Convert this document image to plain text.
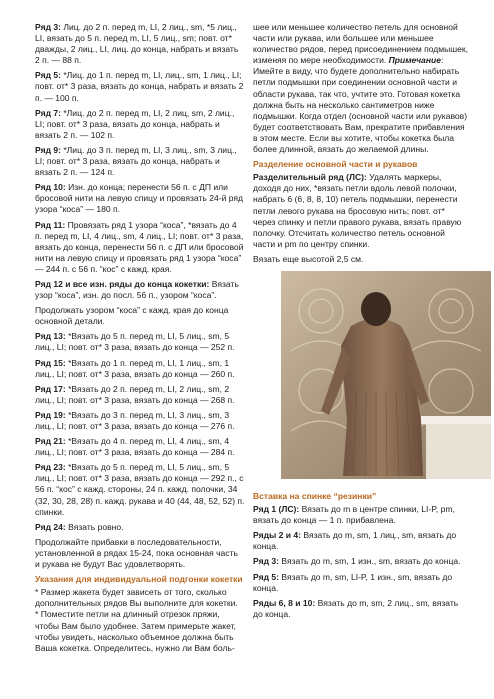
Ряд 3: Лиц. до 2 п. перед m, LI, 2 лиц., sm, *5 лиц., LI, вязать до 5 п. перед m, LI, 5 лиц., sm; повт. от* дважды, 2 лиц., LI, лиц. до конца, набрать и вязать 2 п. — 88 п.

Ряд 5: *Лиц. до 1 п. перед m, LI, лиц., sm, 1 лиц., LI; повт. от* 3 раза, вязать до конца, набрать и вязать 2 п. — 100 п.

Ряд 7: *Лиц. до 2 п. перед m, LI, 2 лиц, sm, 2 лиц., LI; повт. от* 3 раза, вязать до конца, набрать и вязать 2 п. — 102 п.

Ряд 9: *Лиц. до 3 п. перед m, LI, 3 лиц., sm, 3 лиц., LI; повт. от* 3 раза, вязать до конца, набрать и вязать 2 п. — 124 п.

Ряд 10: Изн. до конца; перенести 56 п. с ДП или бросовой нити на левую спицу и провязать 24-й ряд узора “коса” — 180 п.

Ряд 11: Провязать ряд 1 узора “коса”, *вязать до 4 п. перед m, LI, 4 лиц., sm, 4 лиц., LI; повт. от* 3 раза, вязать до конца, перенести 56 п. с ДП или бросовой нити на левую спицу и провязать ряд 1 узора “коса” — 244 п. с 56 п. “кос” с кажд. края.

Ряд 12 и все изн. ряды до конца кокетки: Вязать узор “коса”, изн. до посл. 56 п., узором “коса”.

Продолжать узором “коса” с кажд. края до конца основной детали.

Ряд 13: *Вязать до 5 п. перед m, LI, 5 лиц., sm, 5 лиц., LI; повт. от* 3 раза, вязать до конца — 252 п.

Ряд 15: *Вязать до 1 п. перед m, LI, 1 лиц., sm, 1 лиц., LI; повт. от* 3 раза, вязать до конца — 260 п.

Ряд 17: *Вязать до 2 п. перед m, LI, 2 лиц., sm, 2 лиц., LI; повт. от* 3 раза, вязать до конца — 268 п.

Ряд 19: *Вязать до 3 п. перед m, LI, 3 лиц., sm, 3 лиц., LI; повт. от* 3 раза, вязать до конца — 276 п.

Ряд 21: *Вязать до 4 п. перед m, LI, 4 лиц., sm, 4 лиц., LI; повт. от* 3 раза, вязать до конца — 284 п.

Ряд 23: *Вязать до 5 п. перед m, LI, 5 лиц., sm, 5 лиц., LI; повт. от* 3 раза, вязать до конца — 292 п., с 56 п. “кос” с кажд. стороны, 24 п. кажд. полочки, 34 (32, 30, 28, 28) п. кажд. рукава и 40 (44, 48, 52, 52) п. спинки.

Ряд 24: Вязать ровно.

Продолжайте прибавки в последовательности, установленной в рядах 15-24, пока основная часть и рукава не будут Вас удовлетворять.

Указания для индивидуальной подгонки кокетки

* Размер жакета будет зависеть от того, сколько дополнительных рядов Вы выполните для кокетки.
* Поместите петли на длинный отрезок пряжи, чтобы Вам было удобнее. Затем примерьте жакет, чтобы увидеть, насколько объемное должна быть Ваша кокетка. Определитесь, нужно ли Вам боль-

шее или меньшее количество петель для основной части или рукава, или большее или меньшее количество рядов, перед присоединением подмышек, изменяя по мере необходимости. Примечание: Имейте в виду, что будете дополнительно набирать петли подмышки при соединении основной части и области рукава, так что, учтите это. Готовая кокетка должна быть на несколько сантиметров ниже подмышки. Когда отдел (основной части или рукавов) будет соответствовать Вам, прекратите прибавления в этом месте. Если вы хотите, чтобы кокетка была более длинной, вязать до желаемой длины.

Разделение основной части и рукавов

Разделительный ряд (ЛС): Удалять маркеры, доходя до них, *вязать петли вдоль левой полочки, набрать 6 (6, 8, 8, 10) петель подмышки, перенести петли левого рукава на бросовую нить; повт. от* через спинку и петли правого рукава, вязать правую полочку. Отсчитать количество петель основной части и pm по центру спинки.

Вязать еще высотой 2,5 см.

Вставка на спинке “резинки”

Ряд 1 (ЛС): Вязать до m в центре спинки, LI-P, pm, вязать до конца — 1 п. прибавлена.

Ряды 2 и 4: Вязать до m, sm, 1 лиц., sm, вязать до конца.

Ряд 3: Вязать до m, sm, 1 изн., sm, вязать до конца.

Ряд 5: Вязать до m, sm, LI-P, 1 изн., sm, вязать до конца.

Ряды 6, 8 и 10: Вязать до m, sm, 2 лиц., sm, вязать до конца.
